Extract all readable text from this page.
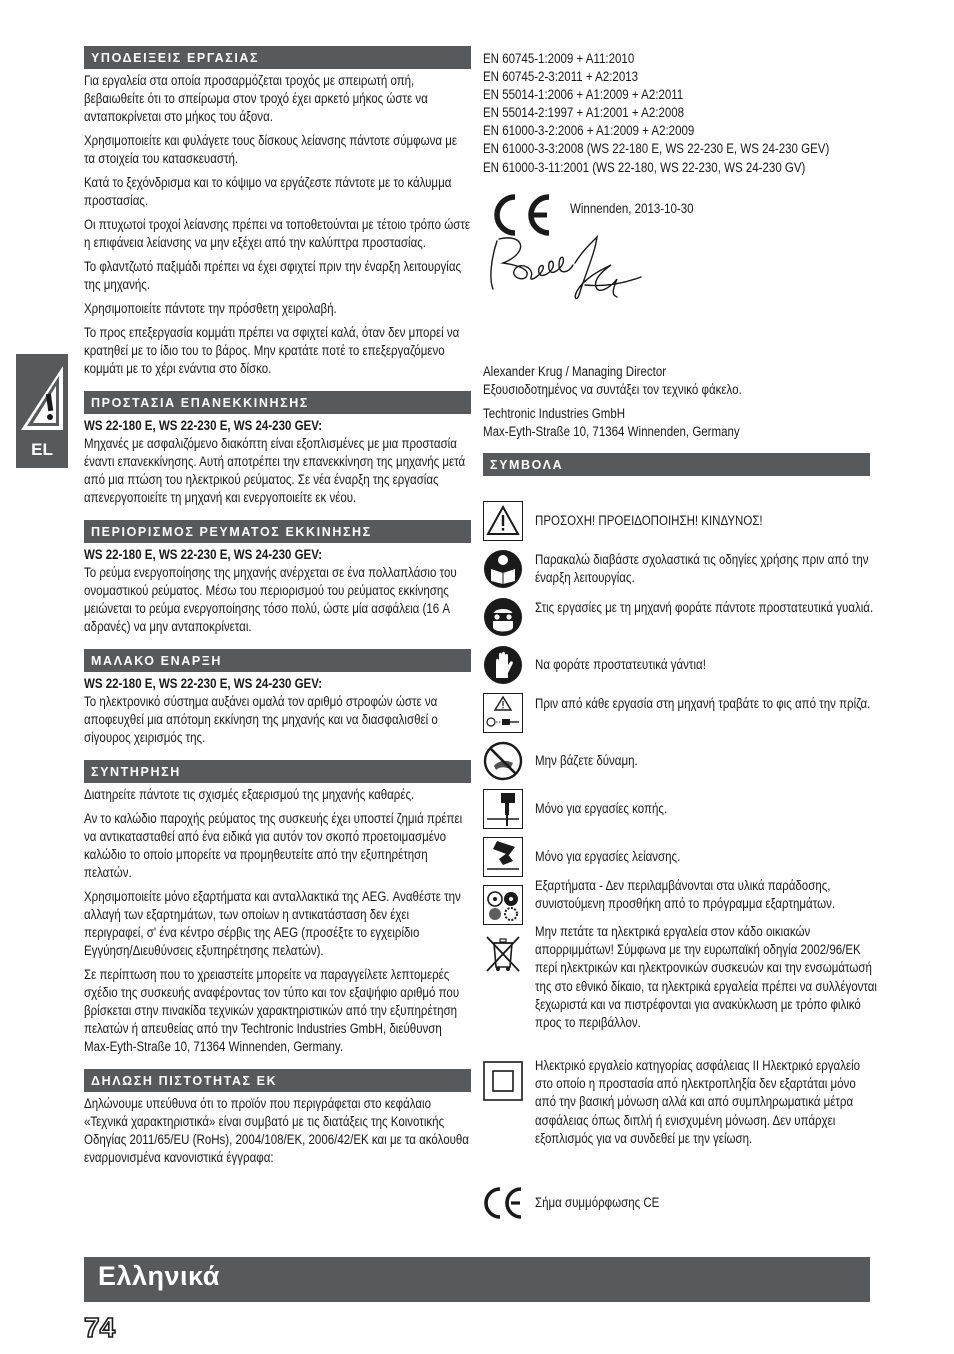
EL
ΥΠΟΔΕΙΞΕΙΣ ΕΡΓΑΣΙΑΣ

Για εργαλεία στα οποία προσαρμόζεται τροχός με σπειρωτή οπή, βεβαιωθείτε ότι το σπείρωμα στον τροχό έχει αρκετό μήκος ώστε να ανταποκρίνεται στο μήκος του άξονα.

Χρησιμοποιείτε και φυλάγετε τους δίσκους λείανσης πάντοτε σύμφωνα με τα στοιχεία του κατασκευαστή.

Κατά το ξεχόνδρισμα και το κόψιμο να εργάζεστε πάντοτε με το κάλυμμα προστασίας.

Οι πτυχωτοί τροχοί λείανσης πρέπει να τοποθετούνται με τέτοιο τρόπο ώστε η επιφάνεια λείανσης να μην εξέχει από την καλύπτρα προστασίας.

Το φλαντζωτό παξιμάδι πρέπει να έχει σφιχτεί πριν την έναρξη λειτουργίας της μηχανής.

Χρησιμοποιείτε πάντοτε την πρόσθετη χειρολαβή.

Το προς επεξεργασία κομμάτι πρέπει να σφιχτεί καλά, όταν δεν μπορεί να κρατηθεί με το ίδιο του το βάρος. Μην κρατάτε ποτέ το επεξεργαζόμενο κομμάτι με το χέρι ενάντια στο δίσκο.

ΠΡΟΣΤΑΣΙΑ ΕΠΑΝΕΚΚΙΝΗΣΗΣ

WS 22-180 E, WS 22-230 E, WS 24-230 GEV:

Μηχανές με ασφαλιζόμενο διακόπτη είναι εξοπλισμένες με μια προστασία έναντι επανεκκίνησης. Αυτή αποτρέπει την επανεκκίνηση της μηχανής μετά από μια πτώση του ηλεκτρικού ρεύματος. Σε νέα έναρξη της εργασίας απενεργοποιείτε τη μηχανή και ενεργοποιείτε εκ νέου.

ΠΕΡΙΟΡΙΣΜΟΣ ΡΕΥΜΑΤΟΣ ΕΚΚΙΝΗΣΗΣ

WS 22-180 E, WS 22-230 E, WS 24-230 GEV:

Το ρεύμα ενεργοποίησης της μηχανής ανέρχεται σε ένα πολλαπλάσιο του ονομαστικού ρεύματος. Μέσω του περιορισμού του ρεύματος εκκίνησης μειώνεται το ρεύμα ενεργοποίησης τόσο πολύ, ώστε μία ασφάλεια (16 A αδρανές) να μην ανταποκρίνεται.

ΜΑΛΑΚΟ ΕΝΑΡΞΗ

WS 22-180 E, WS 22-230 E, WS 24-230 GEV:

Το ηλεκτρονικό σύστημα αυξάνει ομαλά τον αριθμό στροφών ώστε να αποφευχθεί μια απότομη εκκίνηση της μηχανής και να διασφαλισθεί ο σίγουρος χειρισμός της.

ΣΥΝΤΗΡΗΣΗ

Διατηρείτε πάντοτε τις σχισμές εξαερισμού της μηχανής καθαρές.

Αν το καλώδιο παροχής ρεύματος της συσκευής έχει υποστεί ζημιά πρέπει να αντικατασταθεί από ένα ειδικά για αυτόν τον σκοπό προετοιμασμένο καλώδιο το οποίο μπορείτε να προμηθευτείτε από την εξυπηρέτηση πελατών.

Χρησιμοποιείτε μόνο εξαρτήματα και ανταλλακτικά της AEG. Αναθέστε την αλλαγή των εξαρτημάτων, των οποίων η αντικατάσταση δεν έχει περιγραφεί, σ' ένα κέντρο σέρβις της AEG (προσέξτε το εγχειρίδιο Εγγύηση/Διευθύνσεις εξυπηρέτησης πελατών).

Σε περίπτωση που το χρειαστείτε μπορείτε να παραγγείλετε λεπτομερές σχέδιο της συσκευής αναφέροντας τον τύπο και τον εξαψήφιο αριθμό που βρίσκεται στην πινακίδα τεχνικών χαρακτηριστικών από την εξυπηρέτηση πελατών ή απευθείας από την Techtronic Industries GmbH, διεύθυνση Max-Eyth-Straße 10, 71364 Winnenden, Germany.

ΔΗΛΩΣΗ ΠΙΣΤΟΤΗΤΑΣ ΕΚ

Δηλώνουμε υπεύθυνα ότι το προϊόν που περιγράφεται στο κεφάλαιο «Τεχνικά χαρακτηριστικά» είναι συμβατό με τις διατάξεις της Κοινοτικής Οδηγίας 2011/65/EU (RoHs), 2004/108/EK, 2006/42/EK και με τα ακόλουθα εναρμονισμένα κανονιστικά έγγραφα:

EN 60745-1:2009 + A11:2010
EN 60745-2-3:2011 + A2:2013
EN 55014-1:2006 + A1:2009 + A2:2011
EN 55014-2:1997 + A1:2001 + A2:2008
EN 61000-3-2:2006 + A1:2009 + A2:2009
EN 61000-3-3:2008 (WS 22-180 E, WS 22-230 E, WS 24-230 GEV)
EN 61000-3-11:2001 (WS 22-180, WS 22-230, WS 24-230 GV)
Winnenden, 2013-10-30
Alexander Krug / Managing Director
Εξουσιοδοτημένος να συντάξει τον τεχνικό φάκελο.
Techtronic Industries GmbH
Max-Eyth-Straße 10, 71364 Winnenden, Germany
ΣΥΜΒΟΛΑ
ΠΡΟΣΟΧΗ! ΠΡΟΕΙΔΟΠΟΙΗΣΗ! ΚΙΝΔΥΝΟΣ!
Παρακαλώ διαβάστε σχολαστικά τις οδηγίες χρήσης πριν από την έναρξη λειτουργίας.
Στις εργασίες με τη μηχανή φοράτε πάντοτε προστατευτικά γυαλιά.
Να φοράτε προστατευτικά γάντια!
Πριν από κάθε εργασία στη μηχανή τραβάτε το φις από την πρίζα.
Μην βάζετε δύναμη.
Μόνο για εργασίες κοπής.
Μόνο για εργασίες λείανσης.
Εξαρτήματα - Δεν περιλαμβάνονται στα υλικά παράδοσης, συνιστούμενη προσθήκη από το πρόγραμμα εξαρτημάτων.
Μην πετάτε τα ηλεκτρικά εργαλεία στον κάδο οικιακών απορριμμάτων! Σύμφωνα με την ευρωπαϊκή οδηγία 2002/96/ΕΚ περί ηλεκτρικών και ηλεκτρονικών συσκευών και την ενσωμάτωσή της στο εθνικό δίκαιο, τα ηλεκτρικά εργαλεία πρέπει να συλλέγονται ξεχωριστά και να πιστρέφονται για ανακύκλωση με τρόπο φιλικό προς το περιβάλλον.
Ηλεκτρικό εργαλείο κατηγορίας ασφάλειας II Ηλεκτρικό εργαλείο στο οποίο η προστασία από ηλεκτροπληξία δεν εξαρτάται μόνο από την βασική μόνωση αλλά και από συμπληρωματικά μέτρα ασφάλειας όπως διπλή ή ενισχυμένη μόνωση. Δεν υπάρχει εξοπλισμός για να συνδεθεί με την γείωση.
Σήμα συμμόρφωσης CE
Ελληνικά
74
